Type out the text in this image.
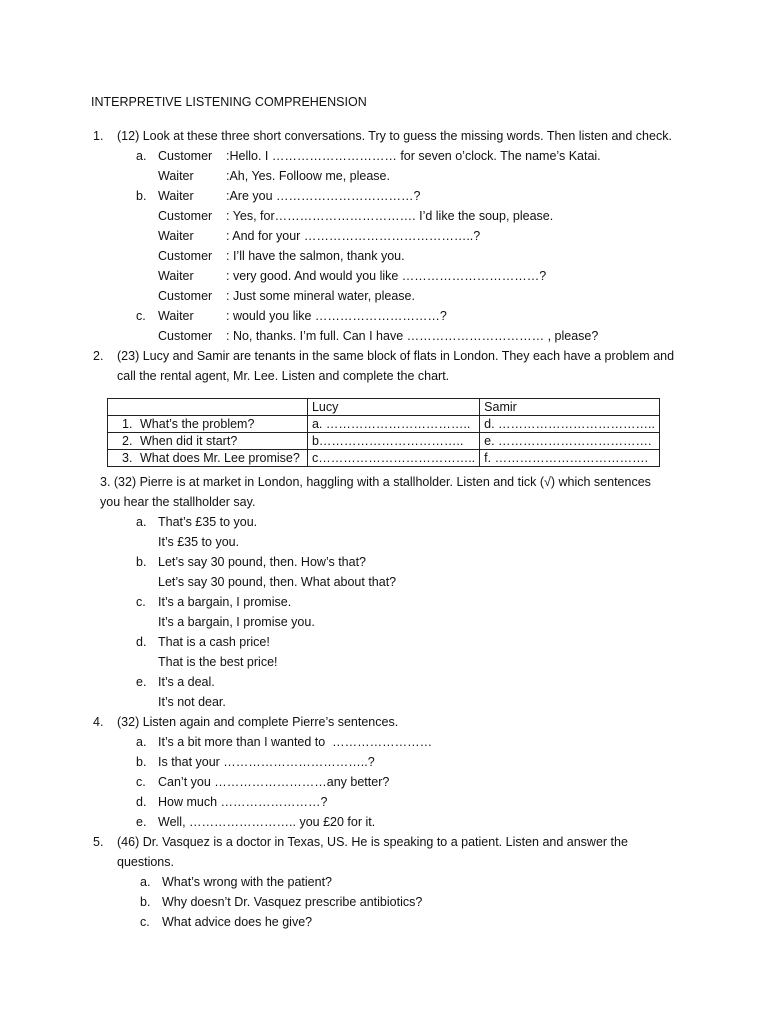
INTERPRETIVE LISTENING COMPREHENSION
1. (12) Look at these three short conversations. Try to guess the missing words. Then listen and check.
a.
b.
c.
Customer :Hello. I ………………………… for seven o’clock. The name’s Katai.
Waiter	:Ah, Yes. Folloow me, please.
Waiter	:Are you ……………………………?
Customer : Yes, for……………………………. I’d like the soup, please.
Waiter	: And for your …………………………………..?
Customer : I’ll have the salmon, thank you.
Waiter	: very good. And would you like ……………………………?
Customer : Just some mineral water, please.
Waiter	: would you like …………………………?
Customer : No, thanks. I’m full. Can I have …………………………… , please?
2. (23) Lucy and Samir are tenants in the same block of flats in London. They each have a problem and
call the rental agent, Mr. Lee. Listen and complete the chart.
	Lucy	Samir
1. What’s the problem?	a. ……………………………..	d. ………………………………..
2. When did it start?	b……………………………..	e. ……………………………….
3. What does Mr. Lee promise?	c………………………………..	f. ……………………………….
3. (32) Pierre is at market in London, haggling with a stallholder. Listen and tick (√) which sentences
you hear the stallholder say.
a. That’s £35 to you.
It’s £35 to you.
b. Let’s say 30 pound, then. How’s that?
Let’s say 30 pound, then. What about that?
c. It’s a bargain, I promise.
It’s a bargain, I promise you.
d. That is a cash price!
That is the best price!
e. It’s a deal.
It’s not dear.
4. (32) Listen again and complete Pierre’s sentences.
a. It’s a bit more than I wanted to  ……………………
b. Is that your ……………………………..?
c. Can’t you ………………………any better?
d. How much ……………………?
e. Well, …………………….. you £20 for it.
5. (46) Dr. Vasquez is a doctor in Texas, US. He is speaking to a patient. Listen and answer the
questions.
a. What’s wrong with the patient?
b. Why doesn’t Dr. Vasquez prescribe antibiotics?
c. What advice does he give?
